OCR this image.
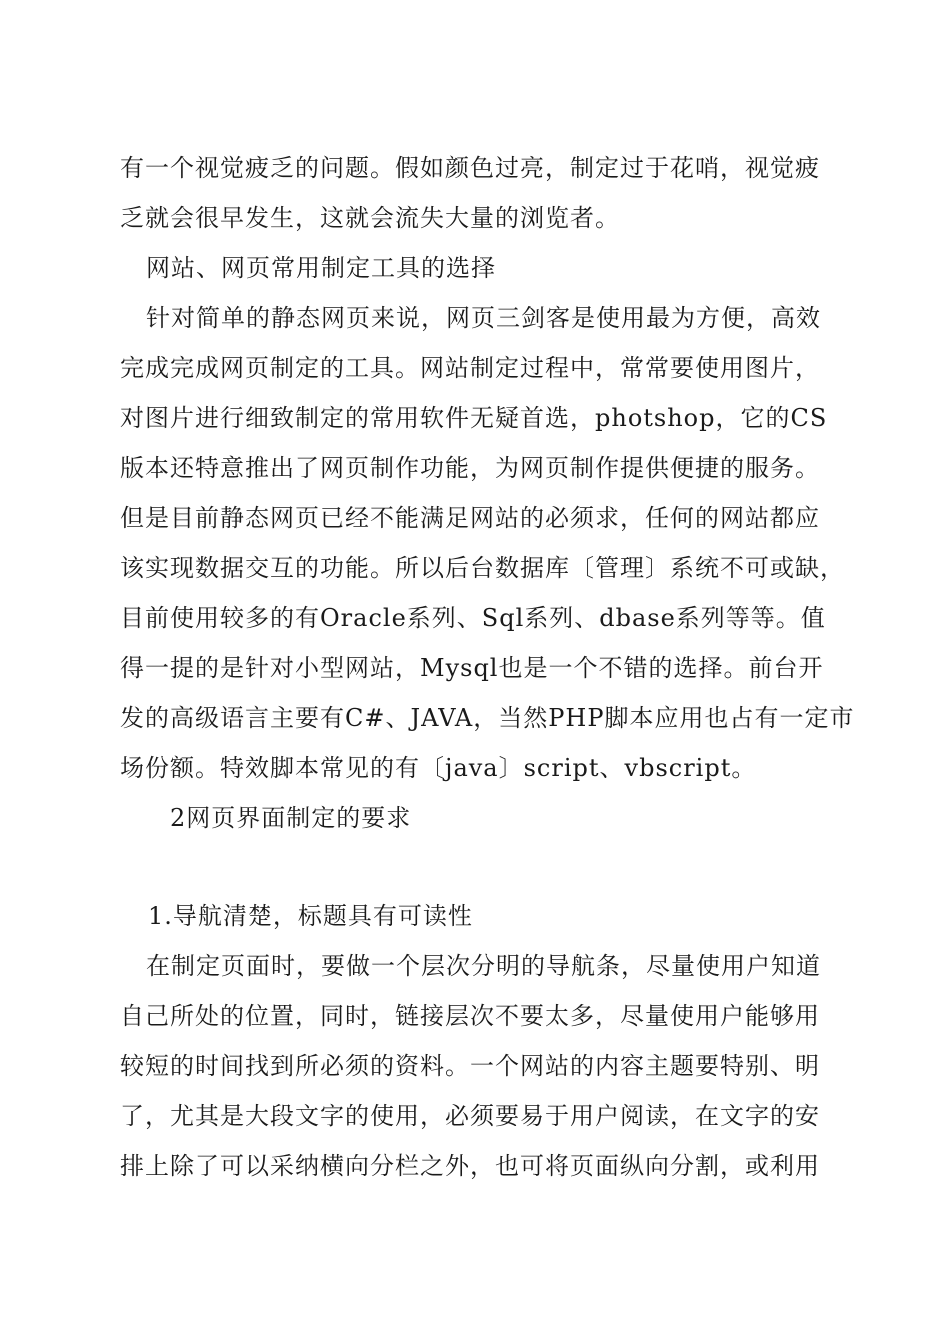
有一个视觉疲乏的问题。假如颜色过亮，制定过于花哨，视觉疲
乏就会很早发生，这就会流失大量的浏览者。
网站、网页常用制定工具的选择
针对简单的静态网页来说，网页三剑客是使用最为方便，高效
完成完成网页制定的工具。网站制定过程中，常常要使用图片，
对图片进行细致制定的常用软件无疑首选，photshop，它的CS
版本还特意推出了网页制作功能，为网页制作提供便捷的服务。
但是目前静态网页已经不能满足网站的必须求，任何的网站都应
该实现数据交互的功能。所以后台数据库〔管理〕系统不可或缺，
目前使用较多的有Oracle系列、Sql系列、dbase系列等等。值
得一提的是针对小型网站，Mysql也是一个不错的选择。前台开
发的高级语言主要有C#、JAVA，当然PHP脚本应用也占有一定市
场份额。特效脚本常见的有〔java〕script、vbscript。
2网页界面制定的要求
1.导航清楚，标题具有可读性
在制定页面时，要做一个层次分明的导航条，尽量使用户知道
自己所处的位置，同时，链接层次不要太多，尽量使用户能够用
较短的时间找到所必须的资料。一个网站的内容主题要特别、明
了，尤其是大段文字的使用，必须要易于用户阅读，在文字的安
排上除了可以采纳横向分栏之外，也可将页面纵向分割，或利用
